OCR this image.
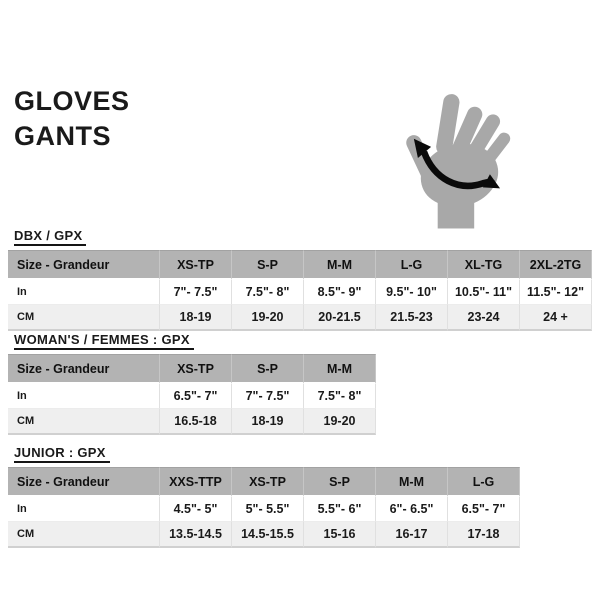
GLOVES
GANTS
DBX / GPX
Size - Grandeur	XS-TP	S-P	M-M	L-G	XL-TG	2XL-2TG
In	7"- 7.5"	7.5"- 8"	8.5"- 9"	9.5"- 10"	10.5"- 11"	11.5"- 12"
CM	18-19	19-20	20-21.5	21.5-23	23-24	24 +
WOMAN'S / FEMMES : GPX
Size - Grandeur	XS-TP	S-P	M-M
In	6.5"- 7"	7"- 7.5"	7.5"- 8"
CM	16.5-18	18-19	19-20
JUNIOR : GPX
Size - Grandeur	XXS-TTP	XS-TP	S-P	M-M	L-G
In	4.5"- 5"	5"- 5.5"	5.5"- 6"	6"- 6.5"	6.5"- 7"
CM	13.5-14.5	14.5-15.5	15-16	16-17	17-18
